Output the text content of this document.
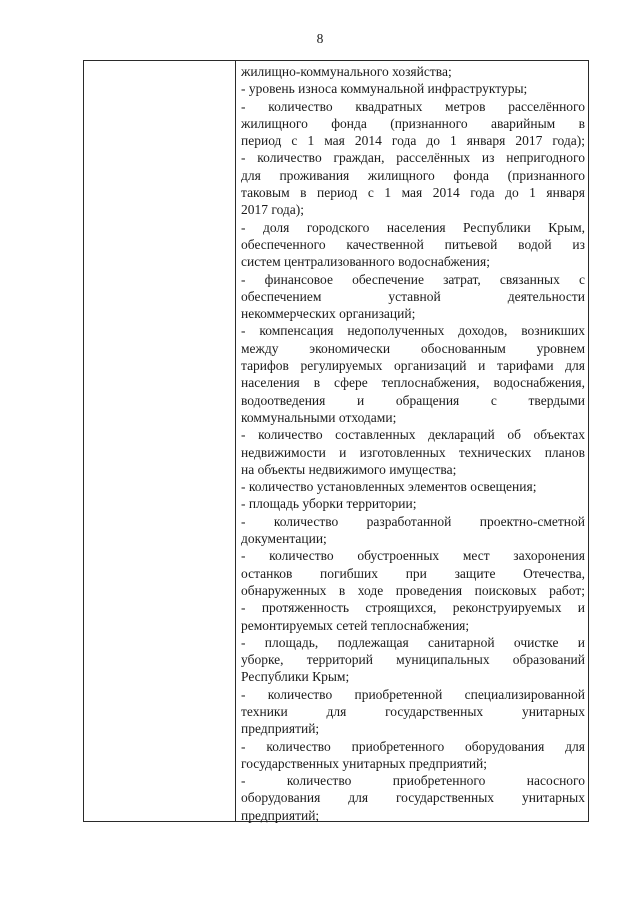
8
жилищно-коммунального хозяйства;
- уровень износа коммунальной инфраструктуры;
- количество квадратных метров расселённого
жилищного фонда (признанного аварийным в
период с 1 мая 2014 года до 1 января 2017 года);
- количество граждан, расселённых из непригодного
для проживания жилищного фонда (признанного
таковым в период с 1 мая 2014 года до 1 января
2017 года);
- доля городского населения Республики Крым,
обеспеченного качественной питьевой водой из
систем централизованного водоснабжения;
- финансовое обеспечение затрат, связанных с
обеспечением уставной деятельности
некоммерческих организаций;
- компенсация недополученных доходов, возникших
между экономически обоснованным уровнем
тарифов регулируемых организаций и тарифами для
населения в сфере теплоснабжения, водоснабжения,
водоотведения и обращения с твердыми
коммунальными отходами;
- количество составленных деклараций об объектах
недвижимости и изготовленных технических планов
на объекты недвижимого имущества;
- количество установленных элементов освещения;
- площадь уборки территории;
- количество разработанной проектно-сметной
документации;
- количество обустроенных мест захоронения
останков погибших при защите Отечества,
обнаруженных в ходе проведения поисковых работ;
- протяженность строящихся, реконструируемых и
ремонтируемых сетей теплоснабжения;
- площадь, подлежащая санитарной очистке и
уборке, территорий муниципальных образований
Республики Крым;
- количество приобретенной специализированной
техники для государственных унитарных
предприятий;
- количество приобретенного оборудования для
государственных унитарных предприятий;
- количество приобретенного насосного
оборудования для государственных унитарных
предприятий;
